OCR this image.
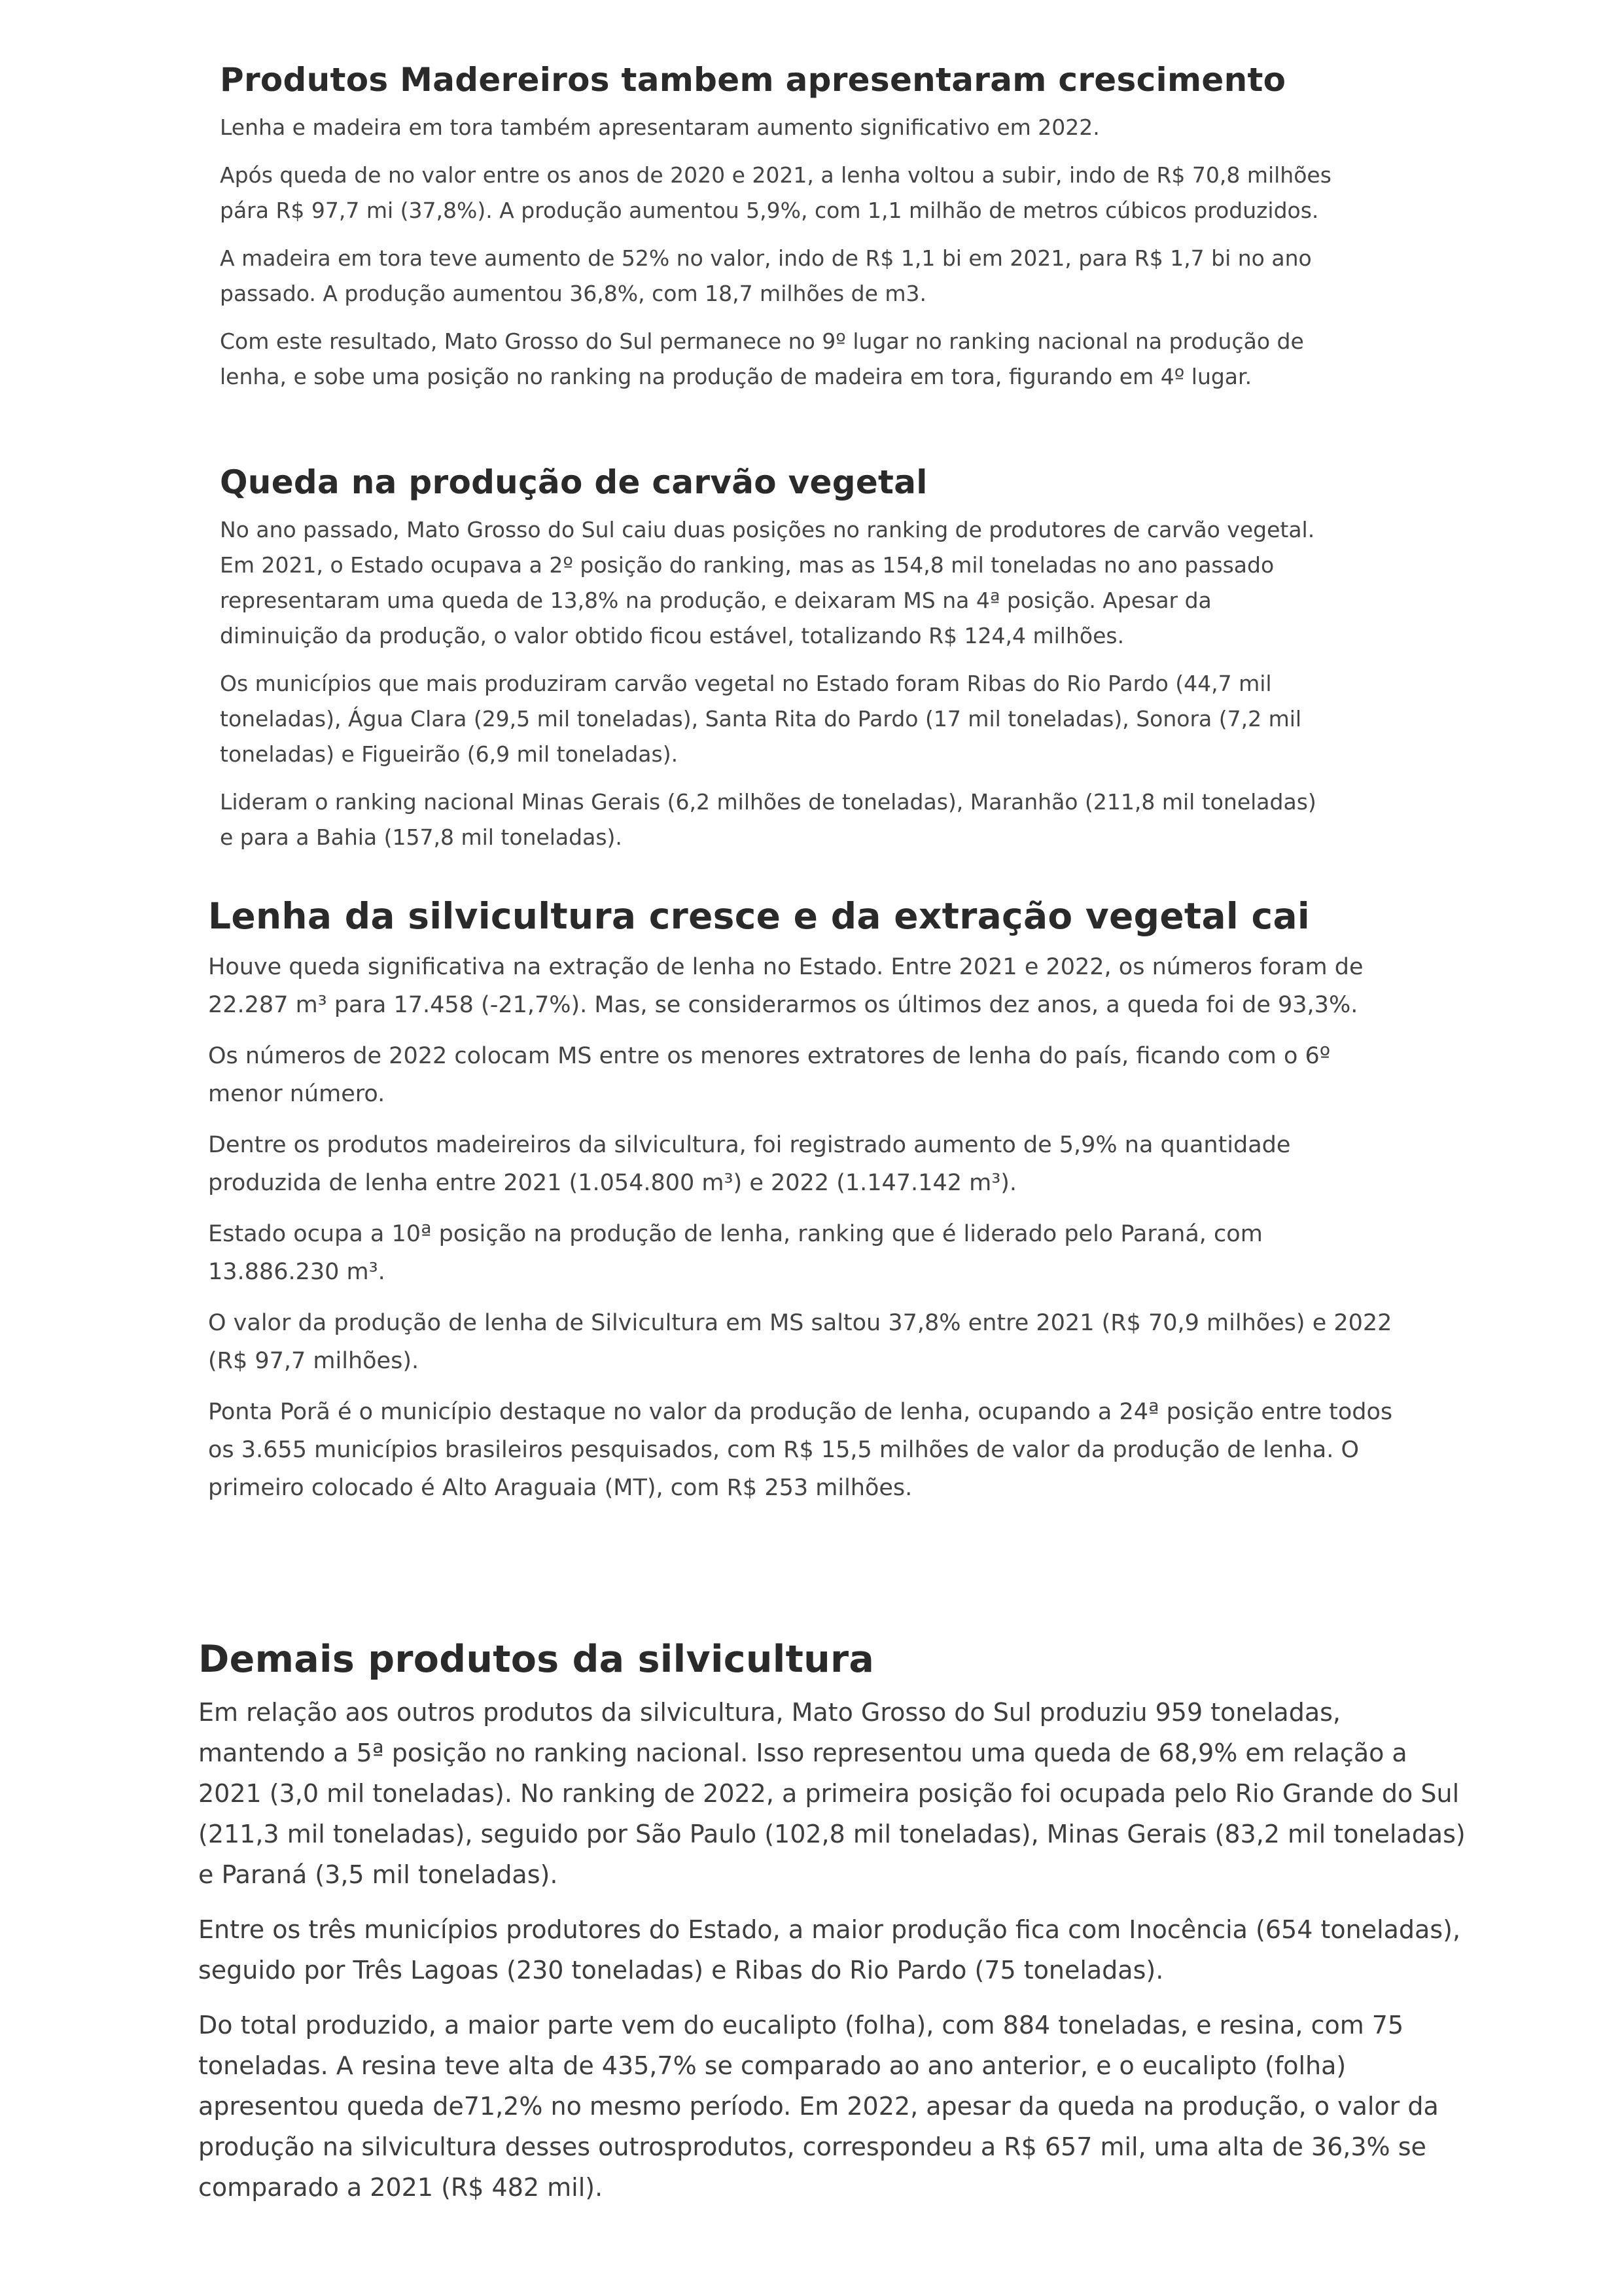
Produtos Madereiros tambem apresentaram crescimento

Lenha e madeira em tora também apresentaram aumento significativo em 2022.

Após queda de no valor entre os anos de 2020 e 2021, a lenha voltou a subir, indo de R$ 70,8 milhões pára R$ 97,7 mi (37,8%). A produção aumentou 5,9%, com 1,1 milhão de metros cúbicos produzidos.

A madeira em tora teve aumento de 52% no valor, indo de R$ 1,1 bi em 2021, para R$ 1,7 bi no ano passado. A produção aumentou 36,8%, com 18,7 milhões de m3.

Com este resultado, Mato Grosso do Sul permanece no 9º lugar no ranking nacional na produção de lenha, e sobe uma posição no ranking na produção de madeira em tora, figurando em 4º lugar.

Queda na produção de carvão vegetal

No ano passado, Mato Grosso do Sul caiu duas posições no ranking de produtores de carvão vegetal. Em 2021, o Estado ocupava a 2º posição do ranking, mas as 154,8 mil toneladas no ano passado representaram uma queda de 13,8% na produção, e deixaram MS na 4ª posição. Apesar da diminuição da produção, o valor obtido ficou estável, totalizando R$ 124,4 milhões.

Os municípios que mais produziram carvão vegetal no Estado foram Ribas do Rio Pardo (44,7 mil toneladas), Água Clara (29,5 mil toneladas), Santa Rita do Pardo (17 mil toneladas), Sonora (7,2 mil toneladas) e Figueirão (6,9 mil toneladas).

Lideram o ranking nacional Minas Gerais (6,2 milhões de toneladas), Maranhão (211,8 mil toneladas) e para a Bahia (157,8 mil toneladas).

Lenha da silvicultura cresce e da extração vegetal cai

Houve queda significativa na extração de lenha no Estado. Entre 2021 e 2022, os números foram de 22.287 m³ para 17.458 (-21,7%). Mas, se considerarmos os últimos dez anos, a queda foi de 93,3%.

Os números de 2022 colocam MS entre os menores extratores de lenha do país, ficando com o 6º menor número.

Dentre os produtos madeireiros da silvicultura, foi registrado aumento de 5,9% na quantidade produzida de lenha entre 2021 (1.054.800 m³) e 2022 (1.147.142 m³).

Estado ocupa a 10ª posição na produção de lenha, ranking que é liderado pelo Paraná, com 13.886.230 m³.

O valor da produção de lenha de Silvicultura em MS saltou 37,8% entre 2021 (R$ 70,9 milhões) e 2022 (R$ 97,7 milhões).

Ponta Porã é o município destaque no valor da produção de lenha, ocupando a 24ª posição entre todos os 3.655 municípios brasileiros pesquisados, com R$ 15,5 milhões de valor da produção de lenha. O primeiro colocado é Alto Araguaia (MT), com R$ 253 milhões.

Demais produtos da silvicultura

Em relação aos outros produtos da silvicultura, Mato Grosso do Sul produziu 959 toneladas, mantendo a 5ª posição no ranking nacional. Isso representou uma queda de 68,9% em relação a 2021 (3,0 mil toneladas). No ranking de 2022, a primeira posição foi ocupada pelo Rio Grande do Sul (211,3 mil toneladas), seguido por São Paulo (102,8 mil toneladas), Minas Gerais (83,2 mil toneladas) e Paraná (3,5 mil toneladas).

Entre os três municípios produtores do Estado, a maior produção fica com Inocência (654 toneladas), seguido por Três Lagoas (230 toneladas) e Ribas do Rio Pardo (75 toneladas).

Do total produzido, a maior parte vem do eucalipto (folha), com 884 toneladas, e resina, com 75 toneladas. A resina teve alta de 435,7% se comparado ao ano anterior, e o eucalipto (folha) apresentou queda de71,2% no mesmo período. Em 2022, apesar da queda na produção, o valor da produção na silvicultura desses outrosprodutos, correspondeu a R$ 657 mil, uma alta de 36,3% se comparado a 2021 (R$ 482 mil).
